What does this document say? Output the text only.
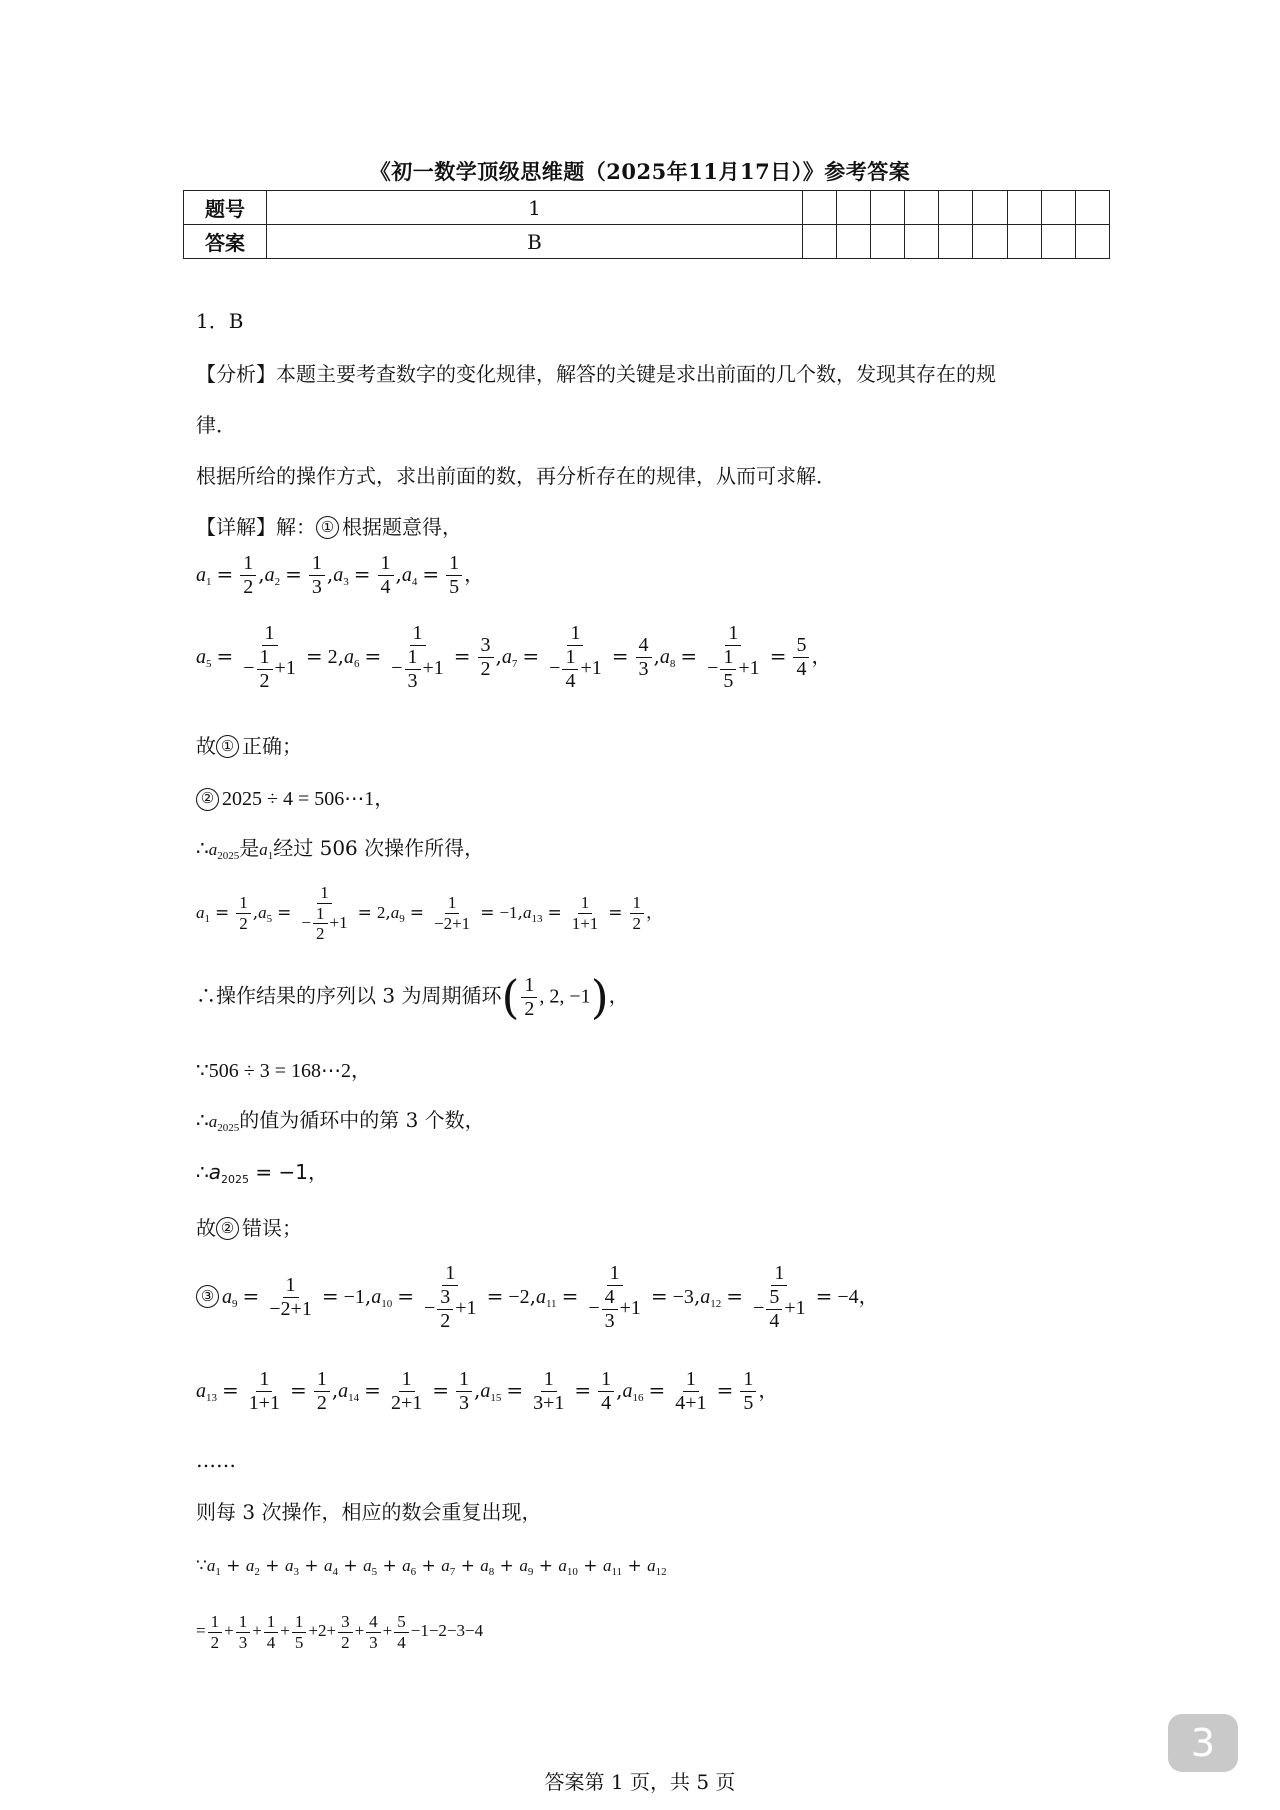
《初一数学顶级思维题（2025年11月17日）》参考答案
题号	1									
答案	B									
1．B
【分析】本题主要考查数字的变化规律，解答的关键是求出前面的几个数，发现其存在的规
律．
根据所给的操作方式，求出前面的数，再分析存在的规律，从而可求解．
【详解】解： ① 根据题意得，
$a_1 = \frac{1}{2} ,a_2 = \frac{1}{3} ,a_3 = \frac{1}{4} ,a_4 = \frac{1}{5}$ ，
$a_5 = \frac{1}{- \frac{1}{2} +1} = 2,a_6 = \frac{1}{- \frac{1}{3} +1} = \frac{3}{2} ,a_7 = \frac{1}{- \frac{1}{4} +1} = \frac{4}{3} ,a_8 = \frac{1}{- \frac{1}{5} +1} = \frac{5}{4}$ ，
故 ① 正确；
② 2025 ÷ 4 = 506⋯1，
$\therefore a_{2025}$是$a_1$经过 506 次操作所得，
$a_1 = \frac{1}{2} ,a_5 = \frac{1}{- \frac{1}{2} +1} = 2,a_9 = \frac{1}{-2+1} = -1,a_{13} = \frac{1}{1+1} = \frac{1}{2}$ ，
∴操作结果的序列以 3 为周期循环( $\frac{1}{2}$ , 2, −1)，
∵506 ÷ 3 = 168⋯2，
$\therefore a_{2025}$的值为循环中的第 3 个数，
$\therefore a_{2025} = -1$，
故 ② 错误；
③ $a_9 = \frac{1}{-2+1} = -1,a_{10} = \frac{1}{- \frac{3}{2} +1} = -2,a_{11} = \frac{1}{- \frac{4}{3} +1} = -3,a_{12} = \frac{1}{- \frac{5}{4} +1} = -4$，
$a_{13} = \frac{1}{1+1} = \frac{1}{2} ,a_{14} = \frac{1}{2+1} = \frac{1}{3} ,a_{15} = \frac{1}{3+1} = \frac{1}{4} ,a_{16} = \frac{1}{4+1} = \frac{1}{5}$ ，
……
则每 3 次操作，相应的数会重复出现，
$\because a_1 + a_2 + a_3 + a_4 + a_5 + a_6 + a_7 + a_8 + a_9 + a_{10} + a_{11} + a_{12}$
= $\frac{1}{2} + \frac{1}{3} + \frac{1}{4} + \frac{1}{5} +2+ \frac{3}{2} + \frac{4}{3} + \frac{5}{4} -1-2-3-4$
答案第 1 页，共 5 页
3
